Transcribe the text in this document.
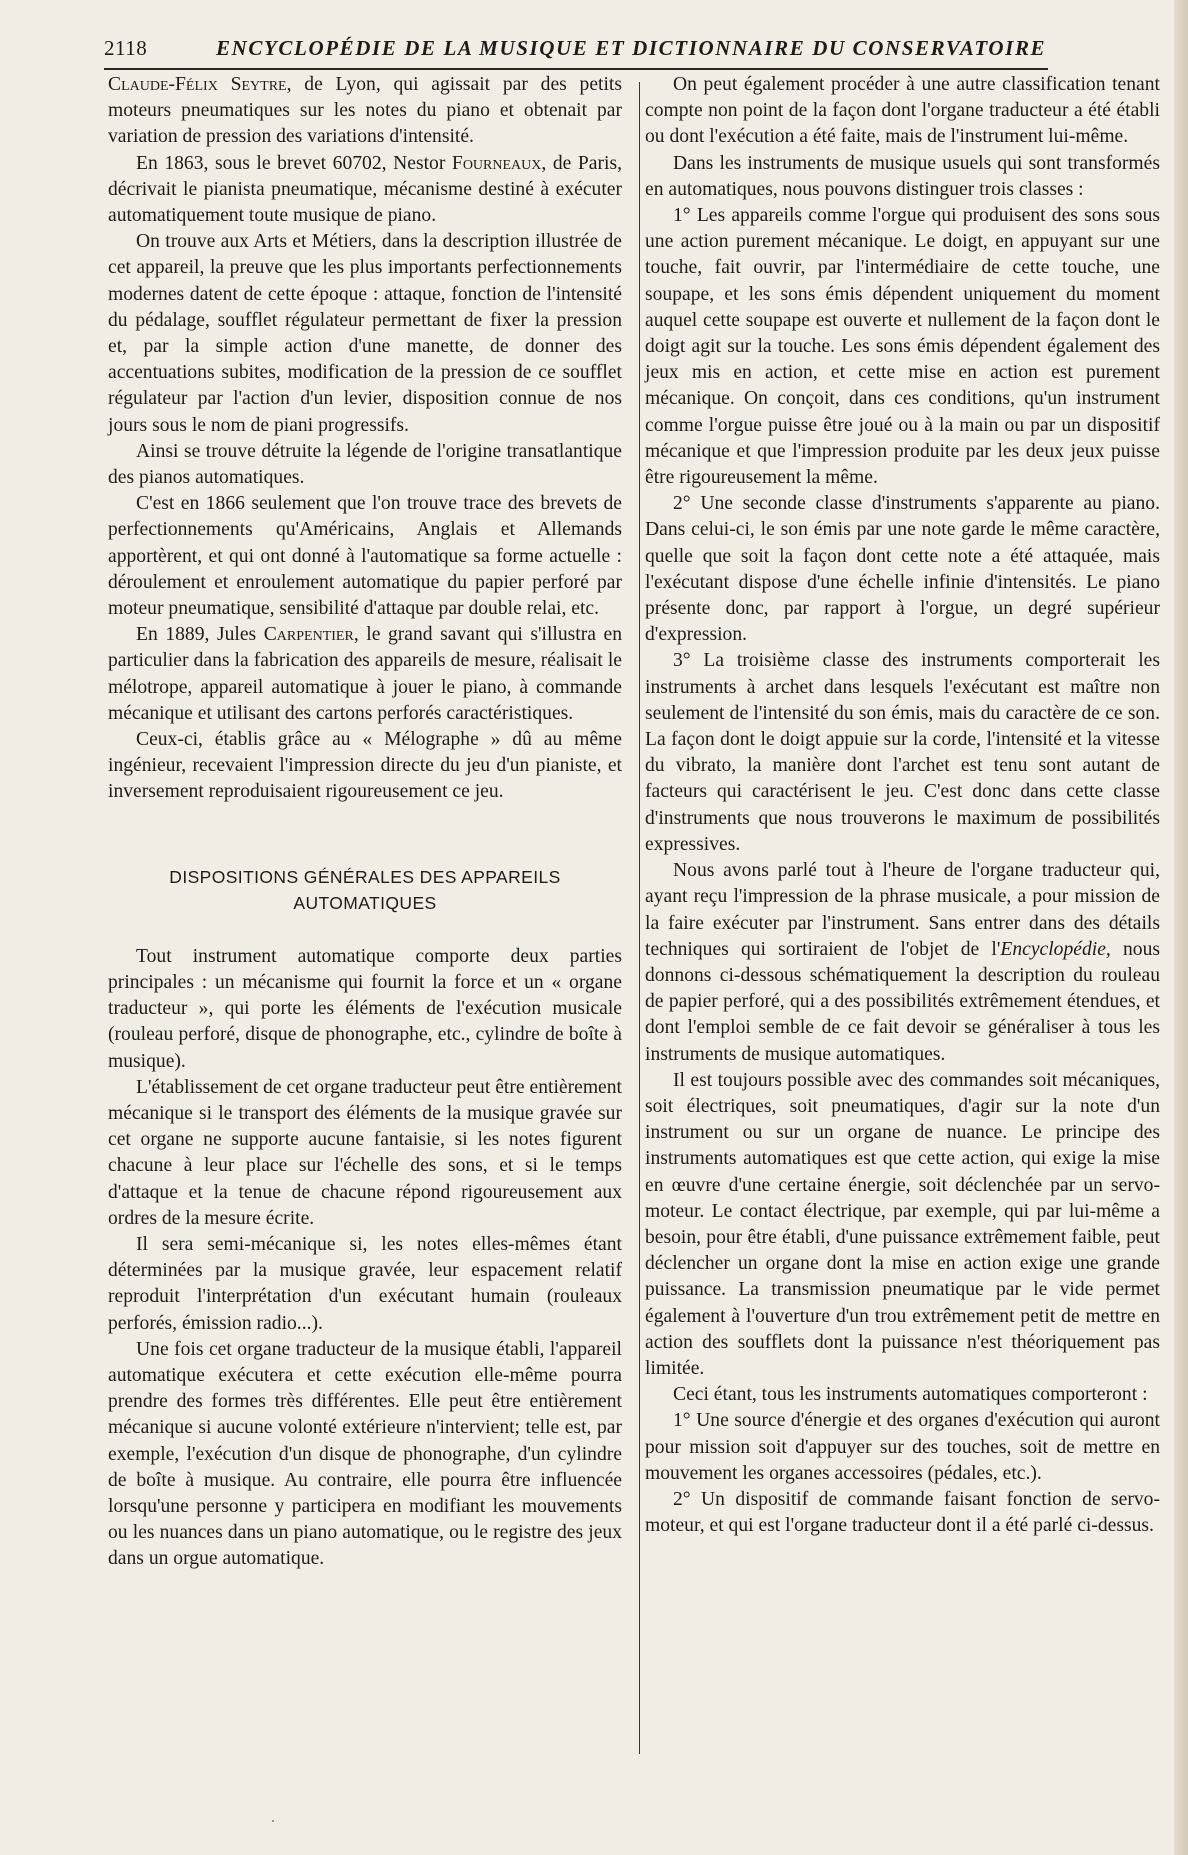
2118	ENCYCLOPÉDIE DE LA MUSIQUE ET DICTIONNAIRE DU CONSERVATOIRE

Claude-Félix Seytre, de Lyon, qui agissait par des petits moteurs pneumatiques sur les notes du piano et obtenait par variation de pression des variations d'intensité.

En 1863, sous le brevet 60702, Nestor Fourneaux, de Paris, décrivait le pianista pneumatique, mécanisme destiné à exécuter automatiquement toute musique de piano.

On trouve aux Arts et Métiers, dans la description illustrée de cet appareil, la preuve que les plus importants perfectionnements modernes datent de cette époque : attaque, fonction de l'intensité du pédalage, soufflet régulateur permettant de fixer la pression et, par la simple action d'une manette, de donner des accentuations subites, modification de la pression de ce soufflet régulateur par l'action d'un levier, disposition connue de nos jours sous le nom de piani progressifs.

Ainsi se trouve détruite la légende de l'origine transatlantique des pianos automatiques.

C'est en 1866 seulement que l'on trouve trace des brevets de perfectionnements qu'Américains, Anglais et Allemands apportèrent, et qui ont donné à l'automatique sa forme actuelle : déroulement et enroulement automatique du papier perforé par moteur pneumatique, sensibilité d'attaque par double relai, etc.

En 1889, Jules Carpentier, le grand savant qui s'illustra en particulier dans la fabrication des appareils de mesure, réalisait le mélotrope, appareil automatique à jouer le piano, à commande mécanique et utilisant des cartons perforés caractéristiques.

Ceux-ci, établis grâce au « Mélographe » dû au même ingénieur, recevaient l'impression directe du jeu d'un pianiste, et inversement reproduisaient rigoureusement ce jeu.

DISPOSITIONS GÉNÉRALES DES APPAREILS
AUTOMATIQUES

Tout instrument automatique comporte deux parties principales : un mécanisme qui fournit la force et un « organe traducteur », qui porte les éléments de l'exécution musicale (rouleau perforé, disque de phonographe, etc., cylindre de boîte à musique).

L'établissement de cet organe traducteur peut être entièrement mécanique si le transport des éléments de la musique gravée sur cet organe ne supporte aucune fantaisie, si les notes figurent chacune à leur place sur l'échelle des sons, et si le temps d'attaque et la tenue de chacune répond rigoureusement aux ordres de la mesure écrite.

Il sera semi-mécanique si, les notes elles-mêmes étant déterminées par la musique gravée, leur espacement relatif reproduit l'interprétation d'un exécutant humain (rouleaux perforés, émission radio...).

Une fois cet organe traducteur de la musique établi, l'appareil automatique exécutera et cette exécution elle-même pourra prendre des formes très différentes. Elle peut être entièrement mécanique si aucune volonté extérieure n'intervient; telle est, par exemple, l'exécution d'un disque de phonographe, d'un cylindre de boîte à musique. Au contraire, elle pourra être influencée lorsqu'une personne y participera en modifiant les mouvements ou les nuances dans un piano automatique, ou le registre des jeux dans un orgue automatique.

On peut également procéder à une autre classification tenant compte non point de la façon dont l'organe traducteur a été établi ou dont l'exécution a été faite, mais de l'instrument lui-même.

Dans les instruments de musique usuels qui sont transformés en automatiques, nous pouvons distinguer trois classes :

1° Les appareils comme l'orgue qui produisent des sons sous une action purement mécanique. Le doigt, en appuyant sur une touche, fait ouvrir, par l'intermédiaire de cette touche, une soupape, et les sons émis dépendent uniquement du moment auquel cette soupape est ouverte et nullement de la façon dont le doigt agit sur la touche. Les sons émis dépendent également des jeux mis en action, et cette mise en action est purement mécanique. On conçoit, dans ces conditions, qu'un instrument comme l'orgue puisse être joué ou à la main ou par un dispositif mécanique et que l'impression produite par les deux jeux puisse être rigoureusement la même.

2° Une seconde classe d'instruments s'apparente au piano. Dans celui-ci, le son émis par une note garde le même caractère, quelle que soit la façon dont cette note a été attaquée, mais l'exécutant dispose d'une échelle infinie d'intensités. Le piano présente donc, par rapport à l'orgue, un degré supérieur d'expression.

3° La troisième classe des instruments comporterait les instruments à archet dans lesquels l'exécutant est maître non seulement de l'intensité du son émis, mais du caractère de ce son. La façon dont le doigt appuie sur la corde, l'intensité et la vitesse du vibrato, la manière dont l'archet est tenu sont autant de facteurs qui caractérisent le jeu. C'est donc dans cette classe d'instruments que nous trouverons le maximum de possibilités expressives.

Nous avons parlé tout à l'heure de l'organe traducteur qui, ayant reçu l'impression de la phrase musicale, a pour mission de la faire exécuter par l'instrument. Sans entrer dans des détails techniques qui sortiraient de l'objet de l'Encyclopédie, nous donnons ci-dessous schématiquement la description du rouleau de papier perforé, qui a des possibilités extrêmement étendues, et dont l'emploi semble de ce fait devoir se généraliser à tous les instruments de musique automatiques.

Il est toujours possible avec des commandes soit mécaniques, soit électriques, soit pneumatiques, d'agir sur la note d'un instrument ou sur un organe de nuance. Le principe des instruments automatiques est que cette action, qui exige la mise en œuvre d'une certaine énergie, soit déclenchée par un servo-moteur. Le contact électrique, par exemple, qui par lui-même a besoin, pour être établi, d'une puissance extrêmement faible, peut déclencher un organe dont la mise en action exige une grande puissance. La transmission pneumatique par le vide permet également à l'ouverture d'un trou extrêmement petit de mettre en action des soufflets dont la puissance n'est théoriquement pas limitée.

Ceci étant, tous les instruments automatiques comporteront :

1° Une source d'énergie et des organes d'exécution qui auront pour mission soit d'appuyer sur des touches, soit de mettre en mouvement les organes accessoires (pédales, etc.).

2° Un dispositif de commande faisant fonction de servo-moteur, et qui est l'organe traducteur dont il a été parlé ci-dessus.
